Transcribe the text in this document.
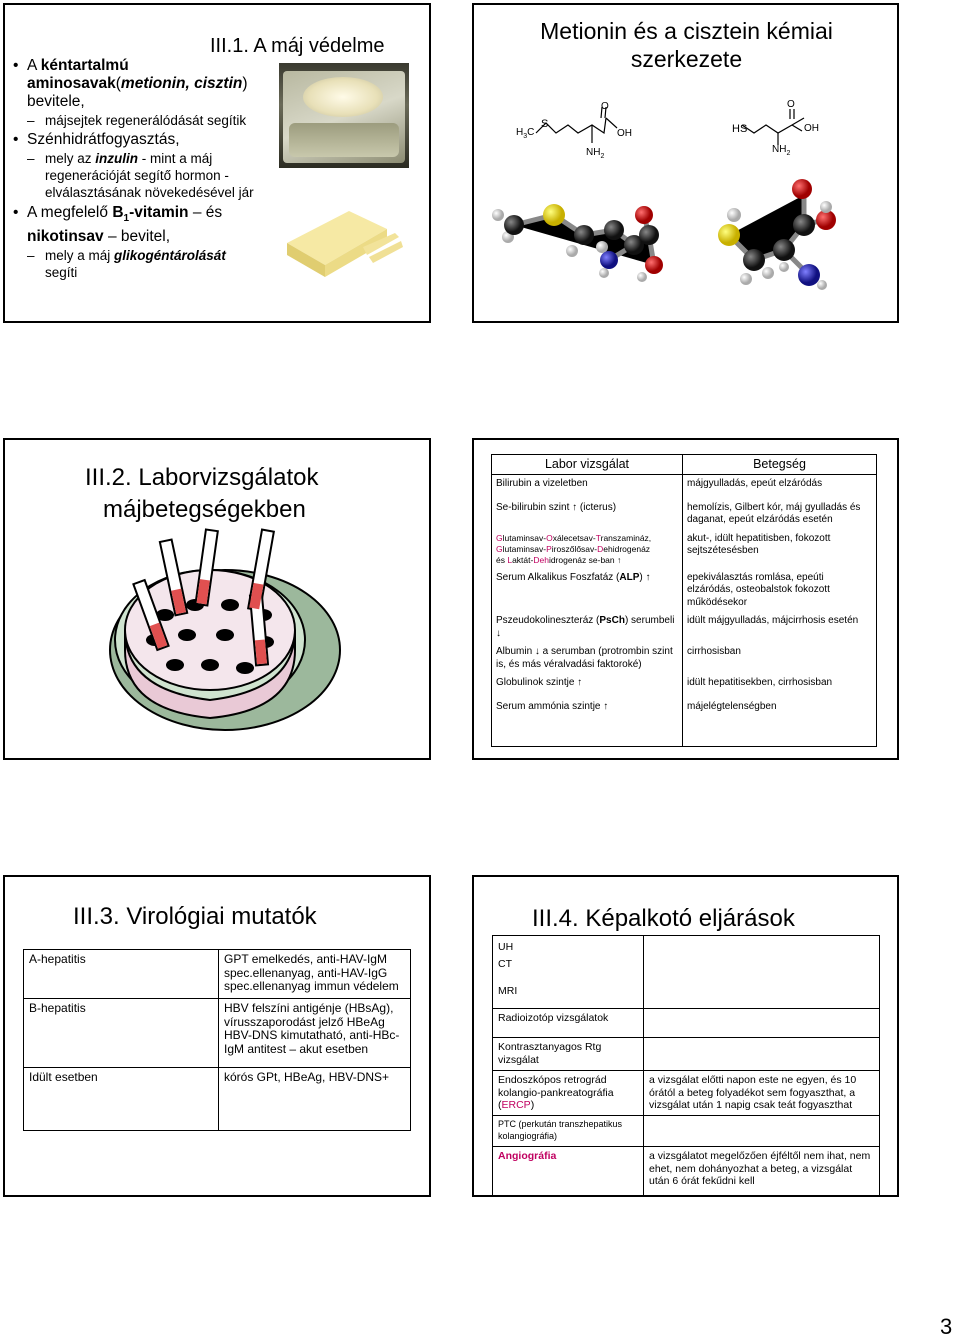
III.1. A máj védelme
• A kéntartalmú aminosavak(metionin, cisztin) bevitele,
– májsejtek regenerálódását segítik
• Szénhidrátfogyasztás,
– mely az inzulin - mint a máj regenerációját segítő hormon - elválasztásának növekedésével jár
• A megfelelő $B_1$-vitamin – és nikotinsav – bevitel,
– mely a máj glikogéntárolását segíti
Metionin és a cisztein kémiai szerkezete
$H_3C$
S
O
OH
$NH_2$
HS
O
OH
$NH_2$
III.2. Laborvizsgálatok
májbetegségekben
Labor vizsgálat	Betegség
Bilirubin a vizeletben	májgyulladás, epeút elzáródás
Se-bilirubin szint ↑ (icterus)	hemolízis, Gilbert kór, máj gyulladás és daganat, epeút elzáródás esetén
Glutaminsav-Oxálecetsav-Transzamináz,
Glutaminsav-Piroszőlősav-Dehidrogenáz
és Laktát-Dehidrogenáz se-ban ↑	akut-, idült hepatitisben, fokozott sejtszétesésben
Serum Alkalikus Foszfatáz (ALP) ↑	epekiválasztás romlása, epeúti elzáródás, osteobalstok fokozott működésekor
Pszeudokolineszteráz (PsCh) serumbeli ↓	idült májgyulladás, májcirrhosis esetén
Albumin ↓ a serumban (protrombin szint is, és más véralvadási faktoroké)	cirrhosisban
Globulinok szintje ↑	idült hepatitisekben, cirrhosisban
Serum ammónia szintje ↑	májelégtelenségben
III.3. Virológiai mutatók
A-hepatitis	GPT emelkedés, anti-HAV-IgM spec.ellenanyag, anti-HAV-IgG spec.ellenanyag immun védelem
B-hepatitis	HBV felszíni antigénje (HBsAg), vírusszaporodást jelző HBeAg HBV-DNS kimutatható, anti-HBc-IgM antitest – akut esetben
Idült esetben	kórós GPt, HBeAg, HBV-DNS+
III.4. Képalkotó eljárások
UH
CT
MRI	

Radioizotóp vizsgálatok	
Kontrasztanyagos Rtg vizsgálat	
Endoszkópos retrográd kolangio-pankreatográfia (ERCP)	a vizsgálat előtti napon este ne egyen, és 10 órától a beteg folyadékot sem fogyaszthat, a vizsgálat után 1 napig csak teát fogyaszthat
PTC (perkután transzhepatikus kolangiográfia)	
Angiográfia	a vizsgálatot megelőzően éjféltől nem ihat, nem ehet, nem dohányozhat a beteg, a vizsgálat után 6 órát fekűdni kell
3
